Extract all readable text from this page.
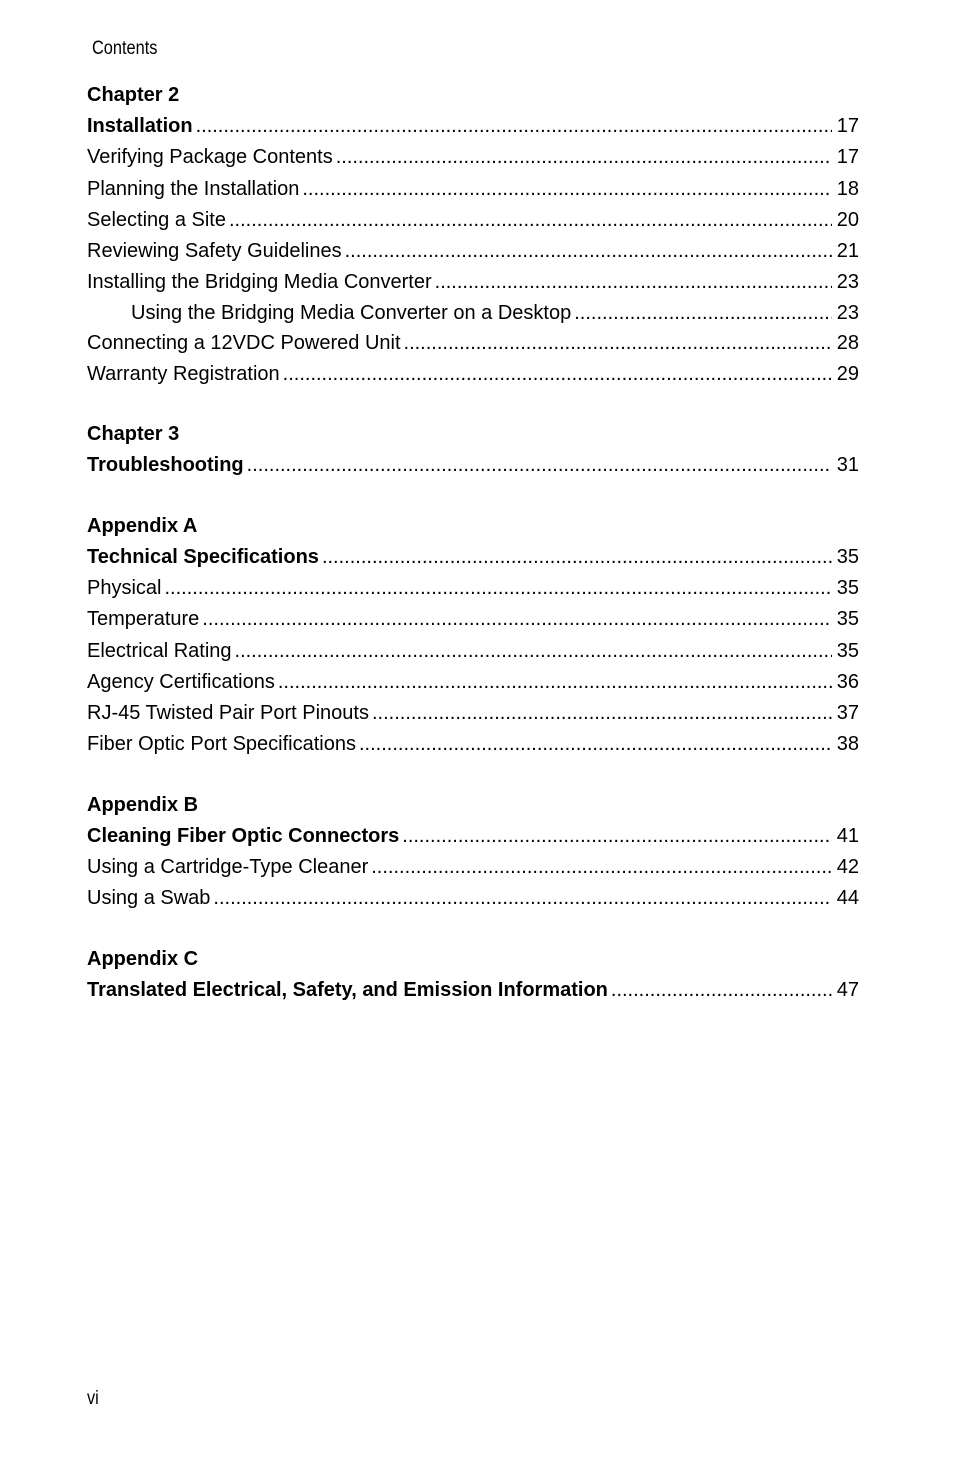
Contents
Chapter 2
Installation .....	17
Verifying Package Contents .....	17
Planning the Installation .....	18
Selecting a Site .....	20
Reviewing Safety Guidelines .....	21
Installing the Bridging Media Converter .....	23
Using the Bridging Media Converter on a Desktop .....	23
Connecting a 12VDC Powered Unit .....	28
Warranty Registration .....	29
Chapter 3
Troubleshooting .....	31
Appendix A
Technical Specifications .....	35
Physical .....	35
Temperature .....	35
Electrical Rating .....	35
Agency Certifications .....	36
RJ-45 Twisted Pair Port Pinouts .....	37
Fiber Optic Port Specifications .....	38
Appendix B
Cleaning Fiber Optic Connectors .....	41
Using a Cartridge-Type Cleaner .....	42
Using a Swab .....	44
Appendix C
Translated Electrical, Safety, and Emission Information .....	47
vi
